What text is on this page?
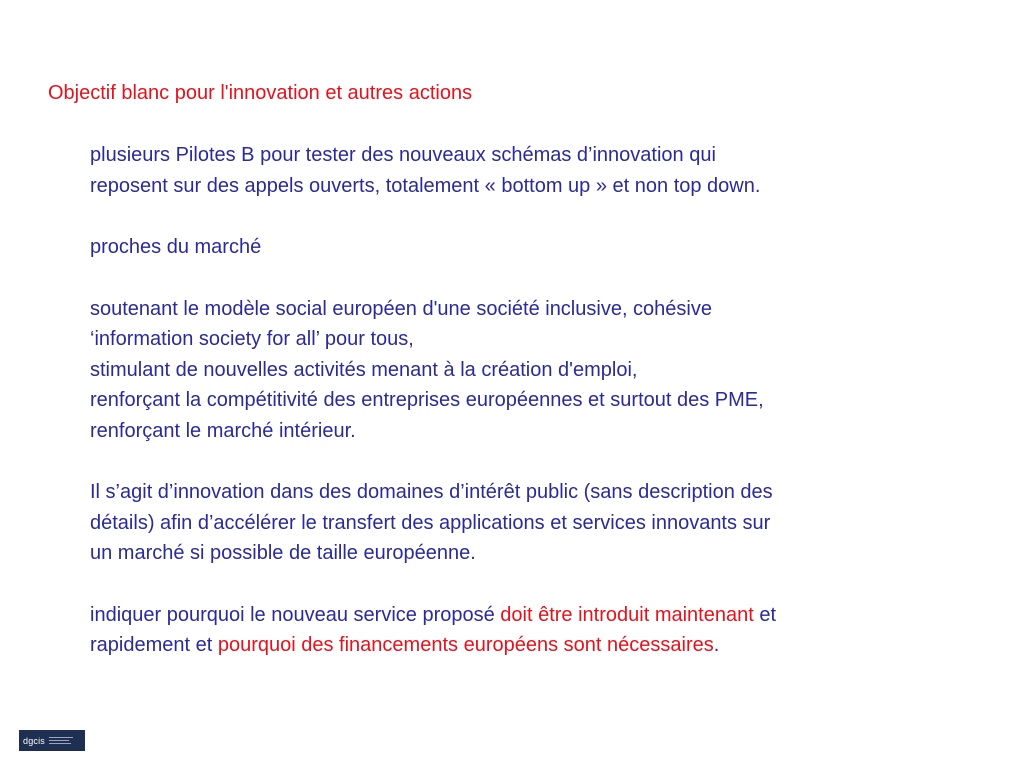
Objectif blanc pour l'innovation et autres actions

plusieurs Pilotes B pour tester des nouveaux schémas d’innovation qui
reposent sur des appels ouverts, totalement « bottom up » et non top down.

proches du marché

soutenant le modèle social européen d'une société inclusive, cohésive
‘information society for all’ pour tous,
stimulant de nouvelles activités menant à la création d'emploi,
renforçant la compétitivité des entreprises européennes et surtout des PME,
renforçant le marché intérieur.

Il s’agit d’innovation dans des domaines d’intérêt public (sans description des
détails) afin d’accélérer le transfert des applications et services innovants sur
un marché si possible de taille européenne.

indiquer pourquoi le nouveau service proposé doit être introduit maintenant et
rapidement et pourquoi des financements européens sont nécessaires.

dgcis
